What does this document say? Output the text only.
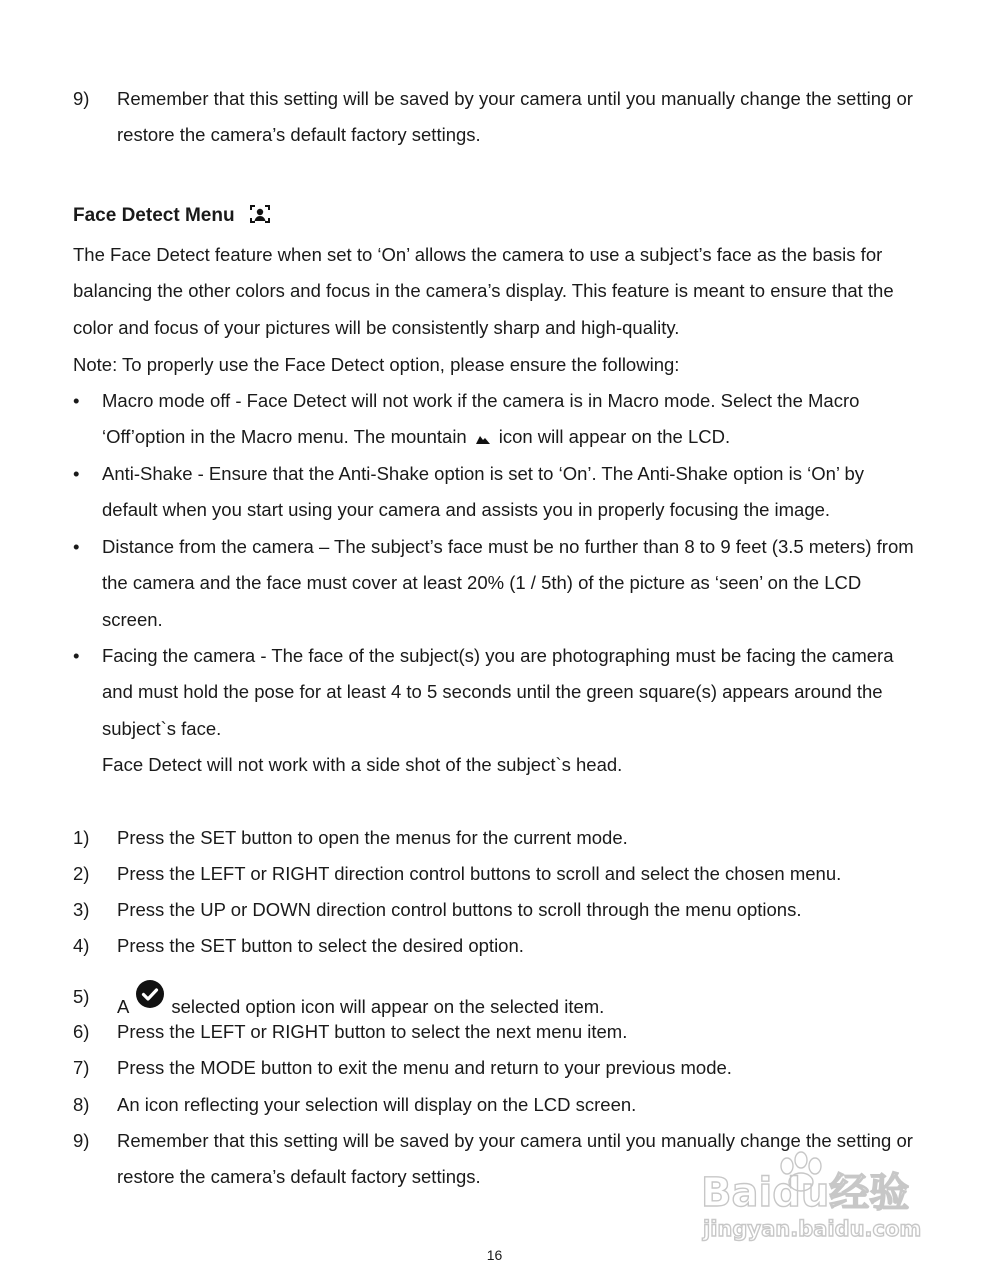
9)	Remember that this setting will be saved by your camera until you manually change the setting or restore the camera’s default factory settings.
Face Detect Menu
The Face Detect feature when set to ‘On’ allows the camera to use a subject’s face as the basis for balancing the other colors and focus in the camera’s display. This feature is meant to ensure that the color and focus of your pictures will be consistently sharp and high-quality.
Note: To properly use the Face Detect option, please ensure the following:
•	Macro mode off - Face Detect will not work if the camera is in Macro mode. Select the Macro ‘Off’option in the Macro menu. The mountain icon will appear on the LCD.
•	Anti-Shake - Ensure that the Anti-Shake option is set to ‘On’. The Anti-Shake option is ‘On’ by default when you start using your camera and assists you in properly focusing the image.
•	Distance from the camera – The subject’s face must be no further than 8 to 9 feet (3.5 meters) from the camera and the face must cover at least 20% (1 / 5th) of the picture as ‘seen’ on the LCD screen.
•	Facing the camera - The face of the subject(s) you are photographing must be facing the camera and must hold the pose for at least 4 to 5 seconds until the green square(s) appears around the subject`s face.
Face Detect will not work with a side shot of the subject`s head.
1)	Press the SET button to open the menus for the current mode.
2)	Press the LEFT or RIGHT direction control buttons to scroll and select the chosen menu.
3)	Press the UP or DOWN direction control buttons to scroll through the menu options.
4)	Press the SET button to select the desired option.
5)	A selected option icon will appear on the selected item.
6)	Press the LEFT or RIGHT button to select the next menu item.
7)	Press the MODE button to exit the menu and return to your previous mode.
8)	An icon reflecting your selection will display on the LCD screen.
9)	Remember that this setting will be saved by your camera until you manually change the setting or restore the camera’s default factory settings.	Baidu经验
jingyan.baidu.com
16
